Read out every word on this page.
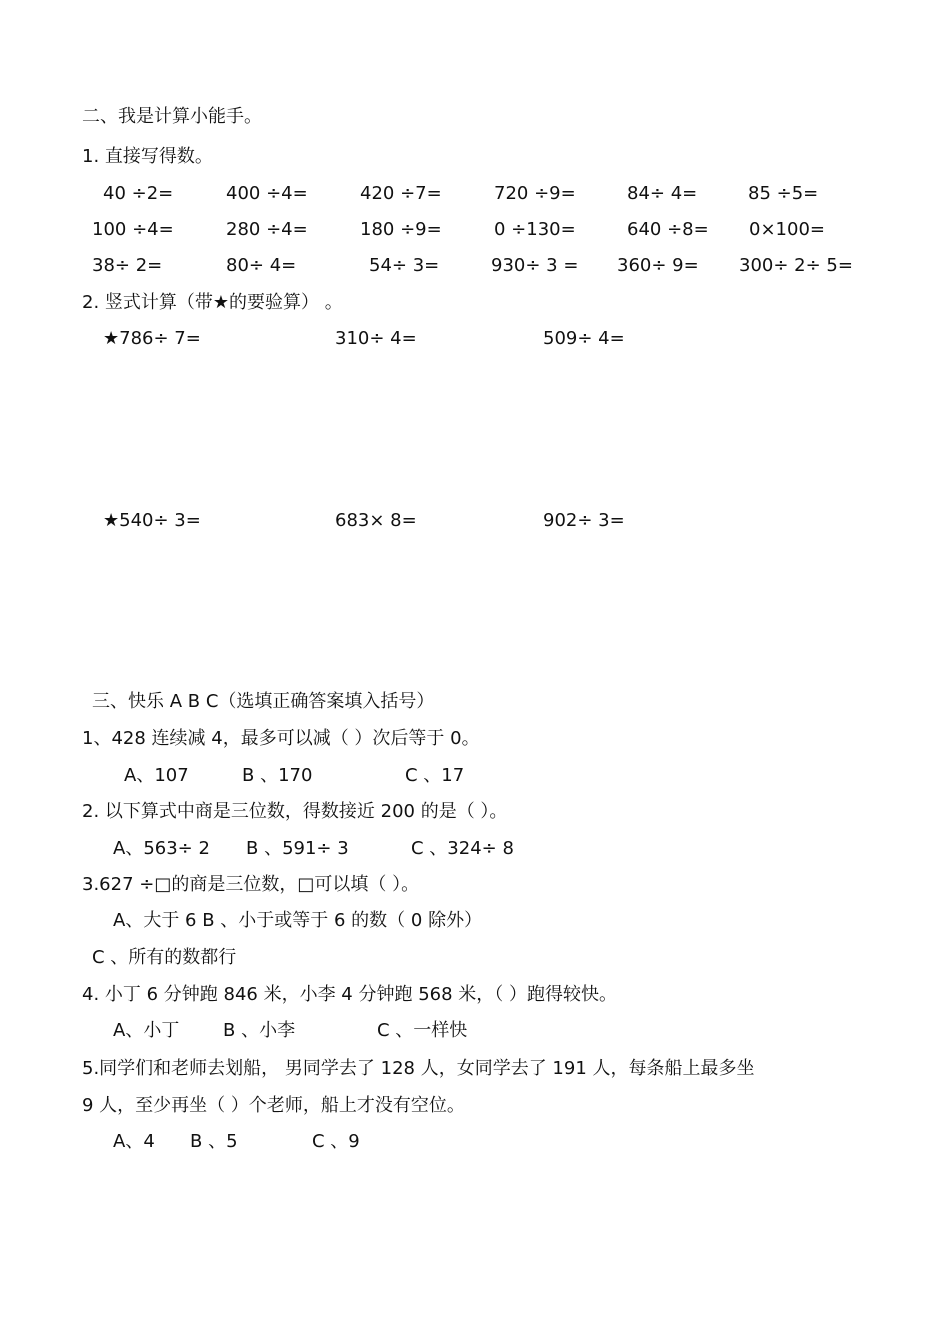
二、我是计算小能手。
1. 直接写得数。
40 ÷2=	400 ÷4=	420 ÷7=	720 ÷9=	84÷ 4=	85 ÷5=
100 ÷4=	280 ÷4=	180 ÷9=	0 ÷130=	640 ÷8= 0×100=
38÷ 2=	80÷ 4=	54÷ 3=	930÷ 3 = 360÷ 9= 300÷ 2÷ 5=
2. 竖式计算（带★的要验算） 。
★786÷ 7=	310÷ 4=	509÷ 4=
★540÷ 3=	683× 8=	902÷ 3=
三、快乐 A B C（选填正确答案填入括号）
1、428 连续减 4，最多可以减（ ）次后等于 0。
A、107	B 、170	C 、17
2. 以下算式中商是三位数，得数接近 200 的是（ ）。
A、563÷ 2 B 、591÷ 3	C 、324÷ 8
3.627 ÷□的商是三位数，□可以填（ ）。
A、大于 6 B 、小于或等于 6 的数（ 0 除外）
C 、所有的数都行
4. 小丁 6 分钟跑 846 米，小李 4 分钟跑 568 米，（ ）跑得较快。
A、小丁 B 、小李	C 、一样快
5.同学们和老师去划船， 男同学去了 128 人，女同学去了 191 人，每条船上最多坐
9 人，至少再坐（ ）个老师，船上才没有空位。
A、4 B 、5	C 、9
